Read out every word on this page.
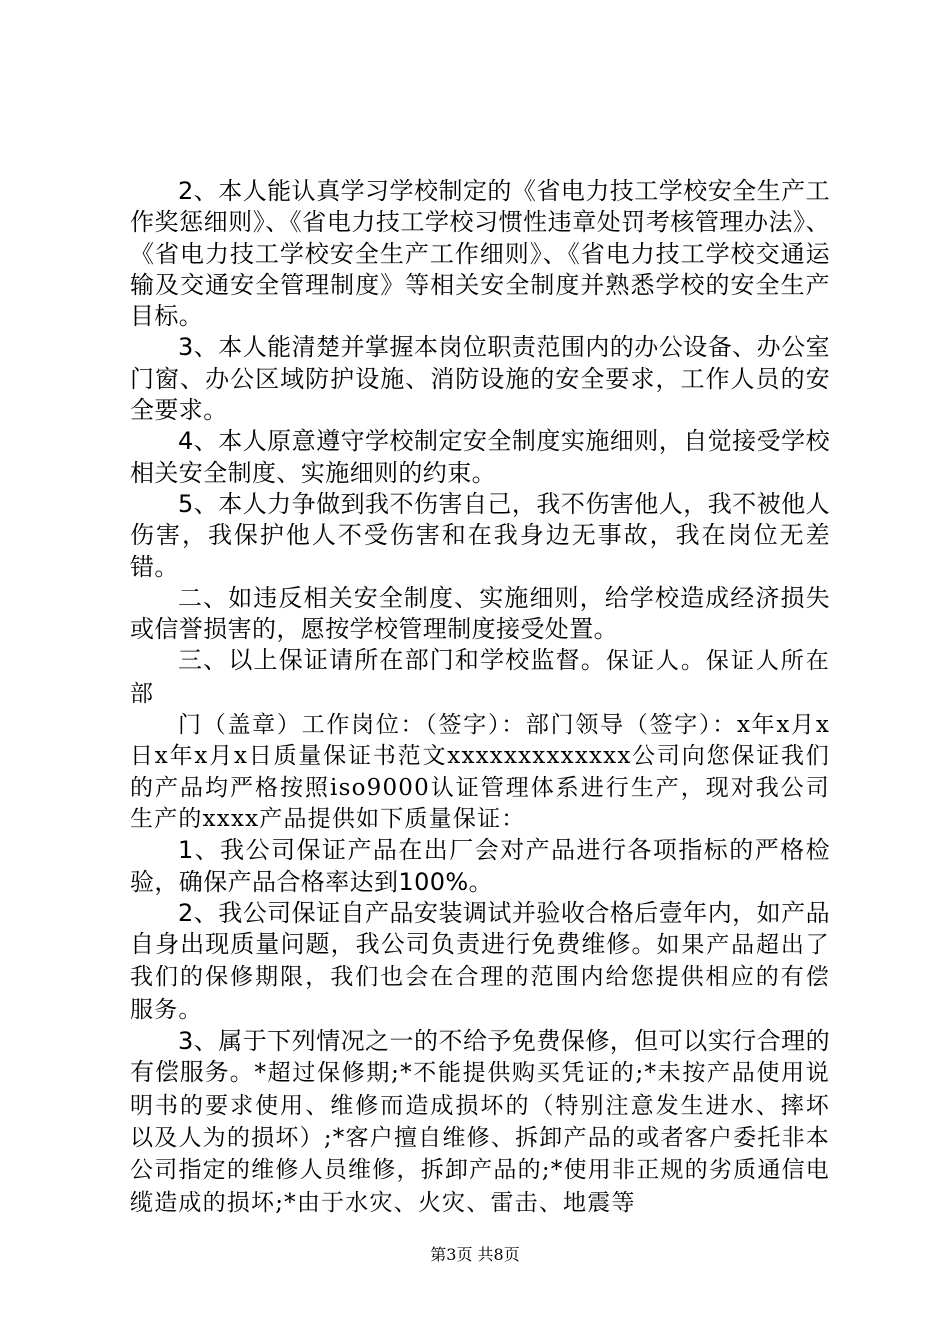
2、本人能认真学习学校制定的《省电力技工学校安全生产工作奖惩细则》、《省电力技工学校习惯性违章处罚考核管理办法》、《省电力技工学校安全生产工作细则》、《省电力技工学校交通运输及交通安全管理制度》等相关安全制度并熟悉学校的安全生产目标。

3、本人能清楚并掌握本岗位职责范围内的办公设备、办公室门窗、办公区域防护设施、消防设施的安全要求，工作人员的安全要求。

4、本人原意遵守学校制定安全制度实施细则，自觉接受学校相关安全制度、实施细则的约束。

5、本人力争做到我不伤害自己，我不伤害他人，我不被他人伤害，我保护他人不受伤害和在我身边无事故，我在岗位无差错。

二、如违反相关安全制度、实施细则，给学校造成经济损失或信誉损害的，愿按学校管理制度接受处置。

三、以上保证请所在部门和学校监督。保证人。保证人所在部

门（盖章）工作岗位：（签字）：部门领导（签字）：x年x月x日x年x月x日质量保证书范文xxxxxxxxxxxxx公司向您保证我们的产品均严格按照iso9000认证管理体系进行生产，现对我公司生产的xxxx产品提供如下质量保证：

1、我公司保证产品在出厂会对产品进行各项指标的严格检验，确保产品合格率达到100%。

2、我公司保证自产品安装调试并验收合格后壹年内，如产品自身出现质量问题，我公司负责进行免费维修。如果产品超出了我们的保修期限，我们也会在合理的范围内给您提供相应的有偿服务。

3、属于下列情况之一的不给予免费保修，但可以实行合理的有偿服务。*超过保修期;*不能提供购买凭证的;*未按产品使用说明书的要求使用、维修而造成损坏的（特别注意发生进水、摔坏以及人为的损坏）;*客户擅自维修、拆卸产品的或者客户委托非本公司指定的维修人员维修，拆卸产品的;*使用非正规的劣质通信电缆造成的损坏;*由于水灾、火灾、雷击、地震等

第3页 共8页
